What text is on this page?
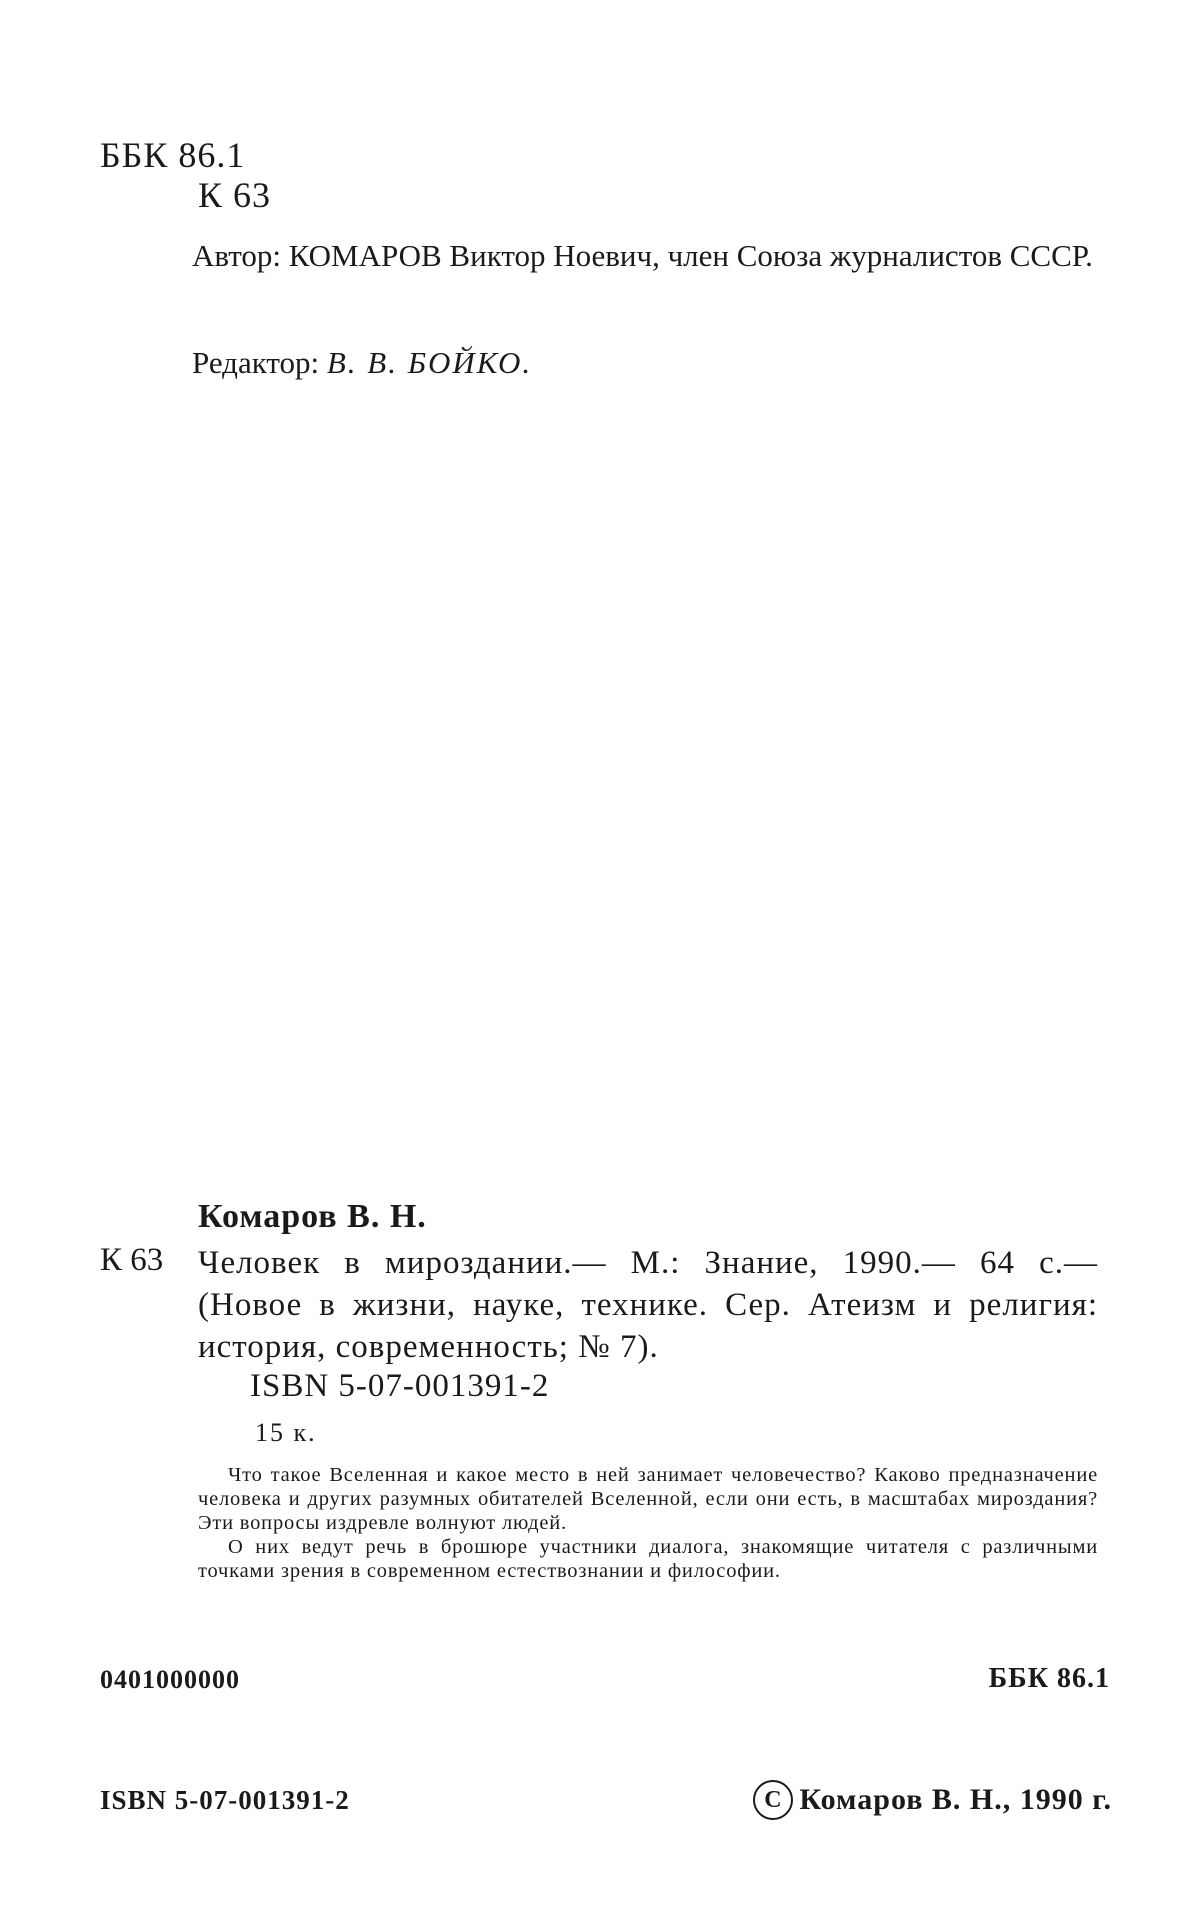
ББК 86.1
К 63
Автор: КОМАРОВ Виктор Ноевич, член Союза журналистов СССР.
Редактор: В. В. БОЙКО.
Комаров В. Н.
К 63 Человек в мироздании.— М.: Знание, 1990.— 64 с.— (Новое в жизни, науке, технике. Сер. Атеизм и религия: история, современность; № 7).
ISBN 5-07-001391-2
15 к.

Что такое Вселенная и какое место в ней занимает человечество? Каково предназначение человека и других разумных обитателей Вселенной, если они есть, в масштабах мироздания? Эти вопросы издревле волнуют людей.

О них ведут речь в брошюре участники диалога, знакомящие читателя с различными точками зрения в современном естествознании и философии.

0401000000	ББК 86.1
ISBN 5-07-001391-2	C Комаров В. Н., 1990 г.
